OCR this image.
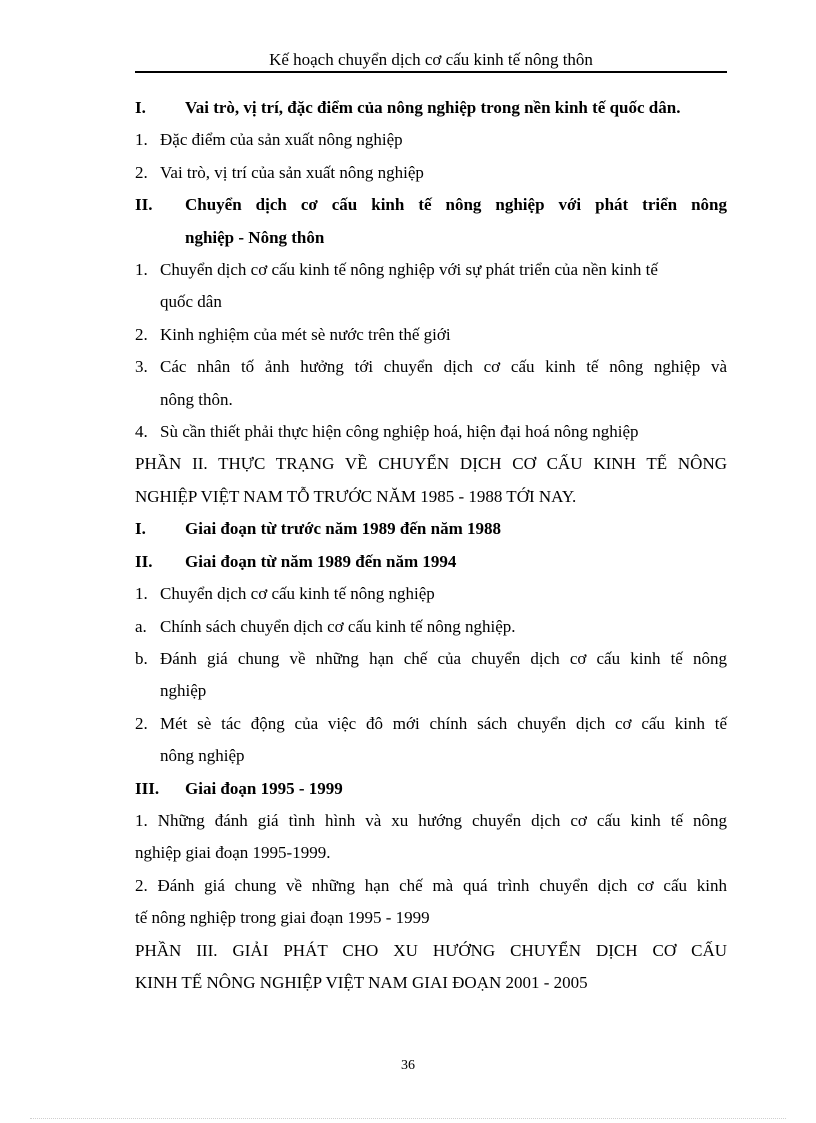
Kế hoạch chuyển dịch cơ cấu kinh tế nông thôn
I. Vai trò, vị trí, đặc điểm của nông nghiệp trong nền kinh tế quốc dân.
1. Đặc điểm của sản xuất nông nghiệp
2. Vai trò, vị trí của sản xuất nông nghiệp
II. Chuyển dịch cơ cấu kinh tế nông nghiệp với phát triển nông
nghiệp - Nông thôn
1. Chuyển dịch cơ cấu kinh tế nông nghiệp với sự phát triển của nền kinh tế
quốc dân
2. Kinh nghiệm của mét sè nước trên thế giới
3. Các nhân tố ảnh hưởng tới chuyển dịch cơ cấu kinh tế nông nghiệp và
nông thôn.
4. Sù cần thiết phải thực hiện công nghiệp hoá, hiện đại hoá nông nghiệp
PHẦN II. THỰC TRẠNG VỀ CHUYỂN DỊCH CƠ CẤU KINH TẾ NÔNG
NGHIỆP VIỆT NAM TỖ TRƯỚC NĂM 1985 - 1988 TỚI NAY.
I. Giai đoạn từ trước năm 1989 đến năm 1988
II. Giai đoạn từ năm 1989 đến năm 1994
1. Chuyển dịch cơ cấu kinh tế nông nghiệp
a. Chính sách chuyển dịch cơ cấu kinh tế nông nghiệp.
b. Đánh giá chung về những hạn chế của chuyển dịch cơ cấu kinh tế nông
nghiệp
2. Mét sè tác động của việc đô mới chính sách chuyển dịch cơ cấu kinh tế
nông nghiệp
III. Giai đoạn 1995 - 1999
1. Những đánh giá tình hình và xu hướng chuyển dịch cơ cấu kinh tế nông
nghiệp giai đoạn 1995-1999.
2. Đánh giá chung về những hạn chế mà quá trình chuyển dịch cơ cấu kinh
tế nông nghiệp trong giai đoạn 1995 - 1999
PHẦN III. GIẢI PHÁT CHO XU HƯỚNG CHUYỂN DỊCH CƠ CẤU
KINH TẾ NÔNG NGHIỆP VIỆT NAM GIAI ĐOẠN 2001 - 2005
36
